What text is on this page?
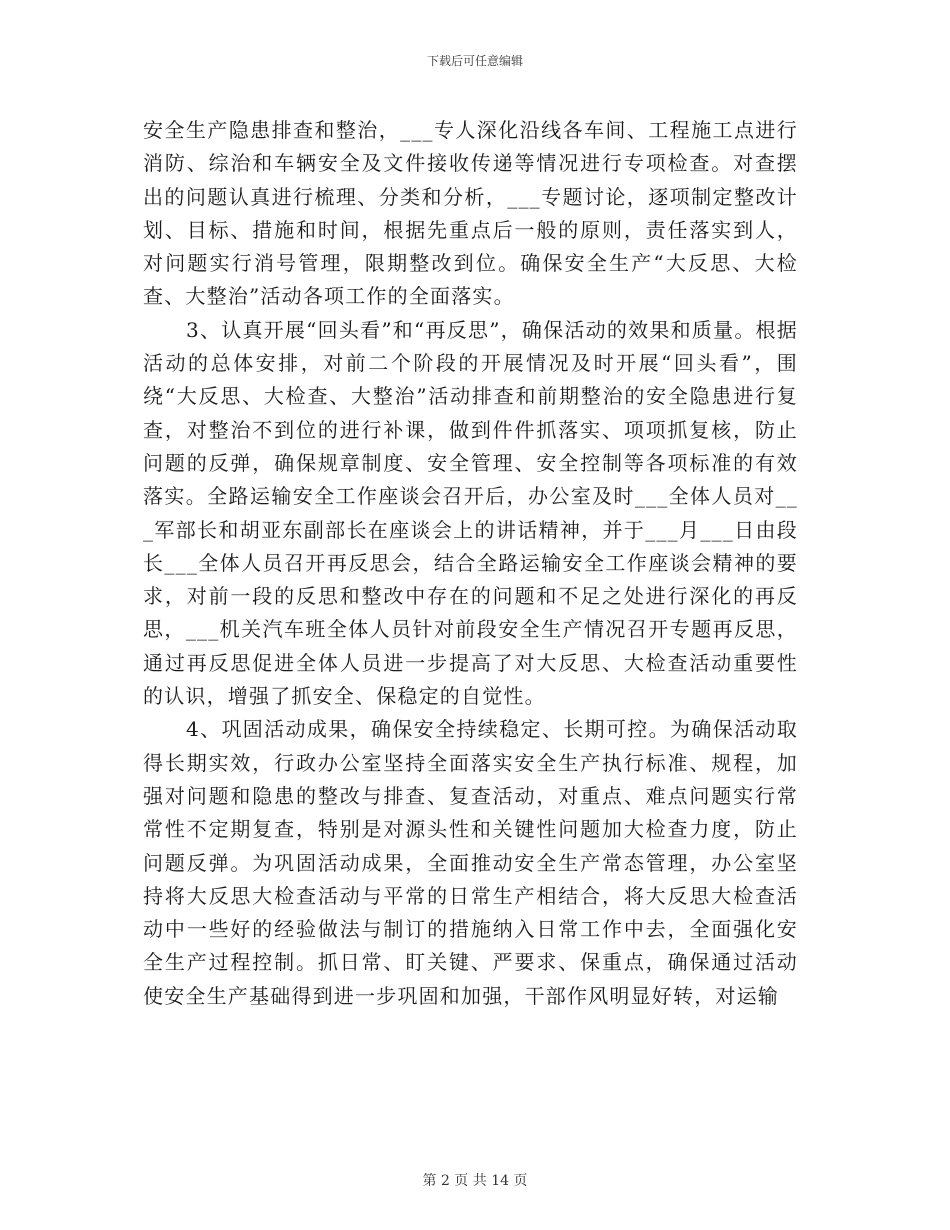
下载后可任意编辑

安全生产隐患排查和整治，___专人深化沿线各车间、工程施工点进行消防、综治和车辆安全及文件接收传递等情况进行专项检查。对查摆出的问题认真进行梳理、分类和分析，___专题讨论，逐项制定整改计划、目标、措施和时间，根据先重点后一般的原则，责任落实到人，对问题实行消号管理，限期整改到位。确保安全生产“大反思、大检查、大整治”活动各项工作的全面落实。

3、认真开展“回头看”和“再反思”，确保活动的效果和质量。根据活动的总体安排，对前二个阶段的开展情况及时开展“回头看”，围绕“大反思、大检查、大整治”活动排查和前期整治的安全隐患进行复查，对整治不到位的进行补课，做到件件抓落实、项项抓复核，防止问题的反弹，确保规章制度、安全管理、安全控制等各项标准的有效落实。全路运输安全工作座谈会召开后，办公室及时___全体人员对___军部长和胡亚东副部长在座谈会上的讲话精神，并于___月___日由段长___全体人员召开再反思会，结合全路运输安全工作座谈会精神的要求，对前一段的反思和整改中存在的问题和不足之处进行深化的再反思，___机关汽车班全体人员针对前段安全生产情况召开专题再反思，通过再反思促进全体人员进一步提高了对大反思、大检查活动重要性的认识，增强了抓安全、保稳定的自觉性。

4、巩固活动成果，确保安全持续稳定、长期可控。为确保活动取得长期实效，行政办公室坚持全面落实安全生产执行标准、规程，加强对问题和隐患的整改与排查、复查活动，对重点、难点问题实行常常性不定期复查，特别是对源头性和关键性问题加大检查力度，防止问题反弹。为巩固活动成果，全面推动安全生产常态管理，办公室坚持将大反思大检查活动与平常的日常生产相结合，将大反思大检查活动中一些好的经验做法与制订的措施纳入日常工作中去，全面强化安全生产过程控制。抓日常、盯关键、严要求、保重点，确保通过活动使安全生产基础得到进一步巩固和加强，干部作风明显好转，对运输

第 2 页 共 14 页
